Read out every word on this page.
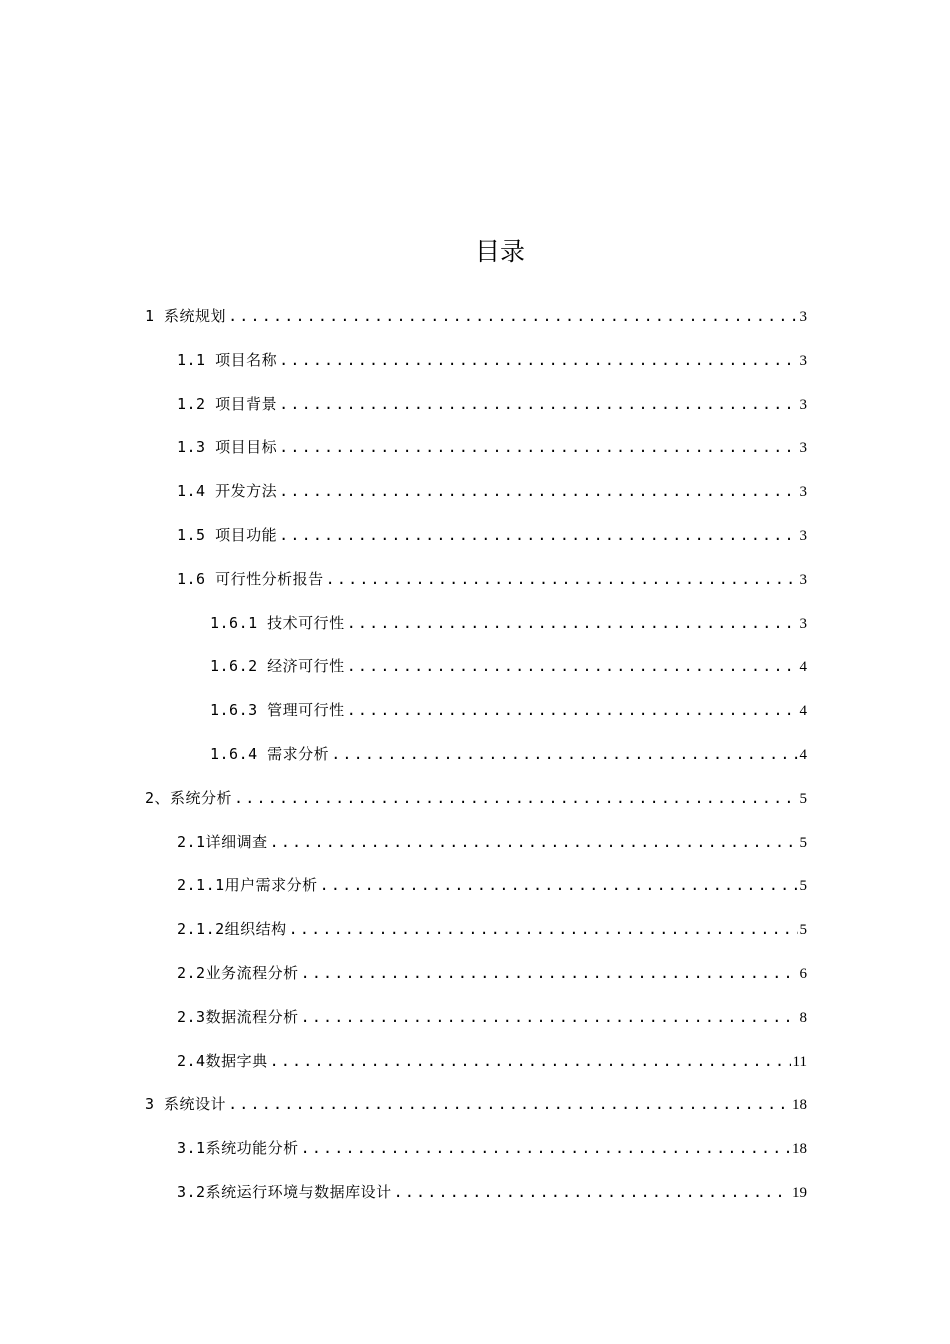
目录
1 系统规划 .....	3
1.1 项目名称 .....	3
1.2 项目背景 .....	3
1.3 项目目标 .....	3
1.4 开发方法 .....	3
1.5 项目功能 .....	3
1.6 可行性分析报告 .....	3
1.6.1 技术可行性 .....	3
1.6.2 经济可行性 .....	4
1.6.3 管理可行性 .....	4
1.6.4 需求分析 .....	4
2、系统分析 .....	5
2.1详细调查 .....	5
2.1.1用户需求分析 .....	5
2.1.2组织结构 .....	5
2.2业务流程分析 .....	6
2.3数据流程分析 .....	8
2.4数据字典 .....	11
3 系统设计 .....	18
3.1系统功能分析 .....	18
3.2系统运行环境与数据库设计 .....	19
